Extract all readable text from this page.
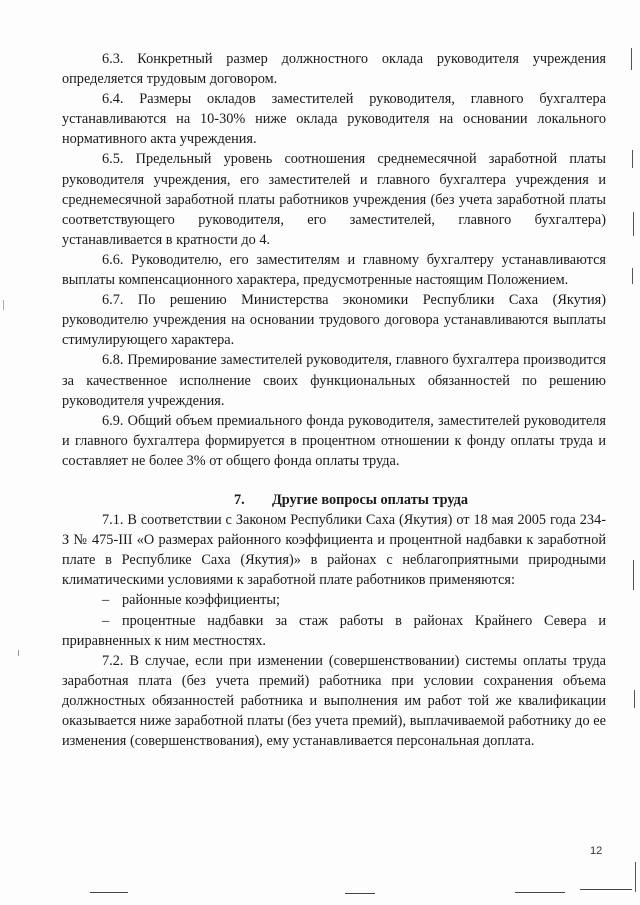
6.3. Конкретный размер должностного оклада руководителя учреждения определяется трудовым договором.

6.4. Размеры окладов заместителей руководителя, главного бухгалтера устанавливаются на 10-30% ниже оклада руководителя на основании локального нормативного акта учреждения.

6.5. Предельный уровень соотношения среднемесячной заработной платы руководителя учреждения, его заместителей и главного бухгалтера учреждения и среднемесячной заработной платы работников учреждения (без учета заработной платы соответствующего руководителя, его заместителей, главного бухгалтера) устанавливается в кратности до 4.

6.6. Руководителю, его заместителям и главному бухгалтеру устанавливаются выплаты компенсационного характера, предусмотренные настоящим Положением.

6.7. По решению Министерства экономики Республики Саха (Якутия) руководителю учреждения на основании трудового договора устанавливаются выплаты стимулирующего характера.

6.8. Премирование заместителей руководителя, главного бухгалтера производится за качественное исполнение своих функциональных обязанностей по решению руководителя учреждения.

6.9. Общий объем премиального фонда руководителя, заместителей руководителя и главного бухгалтера формируется в процентном отношении к фонду оплаты труда и составляет не более 3% от общего фонда оплаты труда.

7. Другие вопросы оплаты труда

7.1. В соответствии с Законом Республики Саха (Якутия) от 18 мая 2005 года 234-З № 475-III «О размерах районного коэффициента и процентной надбавки к заработной плате в Республике Саха (Якутия)» в районах с неблагоприятными природными климатическими условиями к заработной плате работников применяются:

– районные коэффициенты;

– процентные надбавки за стаж работы в районах Крайнего Севера и приравненных к ним местностях.

7.2. В случае, если при изменении (совершенствовании) системы оплаты труда заработная плата (без учета премий) работника при условии сохранения объема должностных обязанностей работника и выполнения им работ той же квалификации оказывается ниже заработной платы (без учета премий), выплачиваемой работнику до ее изменения (совершенствования), ему устанавливается персональная доплата.

12
